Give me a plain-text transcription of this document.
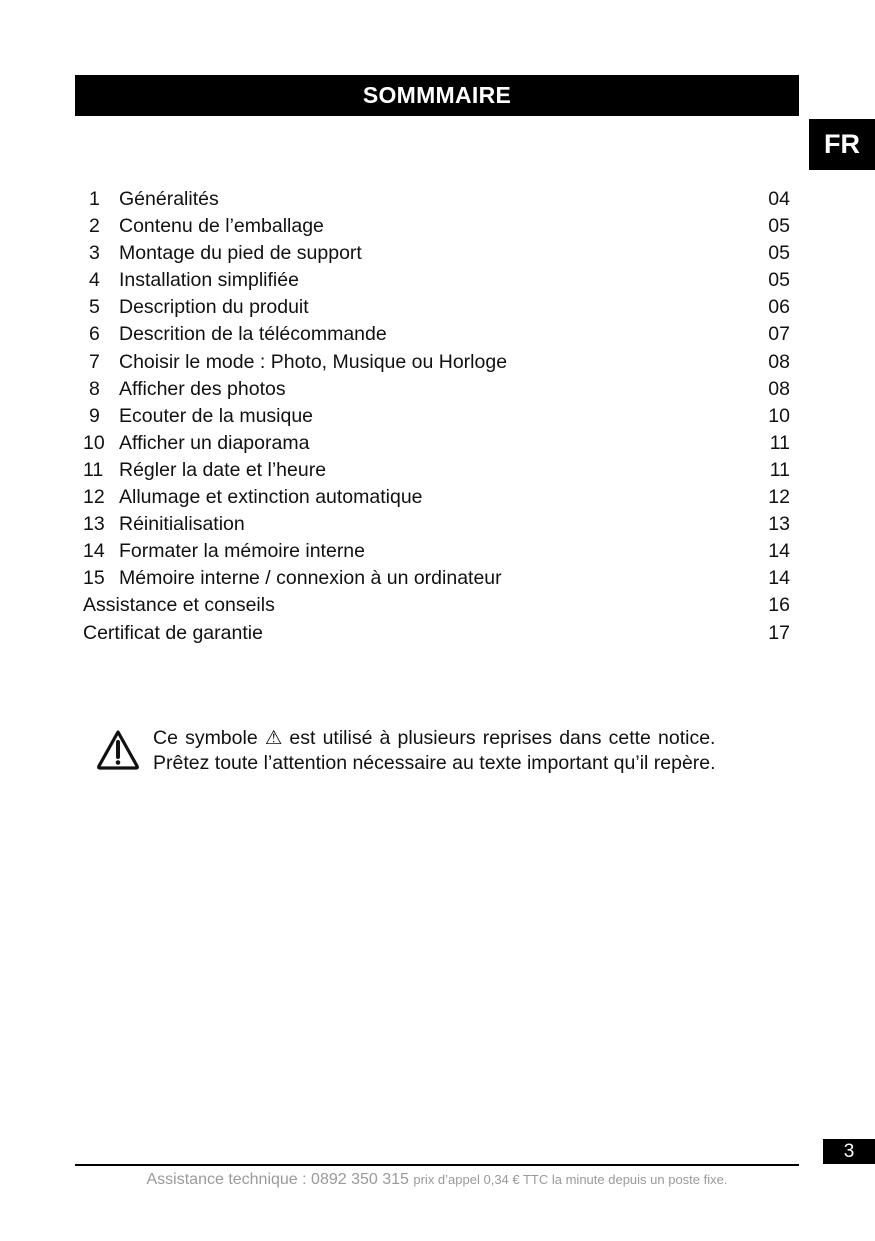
SOMMMAIRE
FR
1 Généralités	04
2 Contenu de l’emballage	05
3 Montage du pied de support	05
4 Installation simplifiée	05
5 Description du produit	06
6 Descrition de la télécommande	07
7 Choisir le mode : Photo, Musique ou Horloge	08
8 Afficher des photos	08
9 Ecouter de la musique	10
10 Afficher un diaporama	11
11 Régler la date et l’heure	11
12 Allumage et extinction automatique	12
13 Réinitialisation	13
14 Formater la mémoire interne	14
15 Mémoire interne / connexion à un ordinateur	14
Assistance et conseils	16
Certificat de garantie	17
Ce symbole ⚠ est utilisé à plusieurs reprises dans cette notice.
Prêtez toute l’attention nécessaire au texte important qu’il repère.
3
Assistance technique : 0892 350 315 prix d’appel 0,34 € TTC la minute depuis un poste fixe.
